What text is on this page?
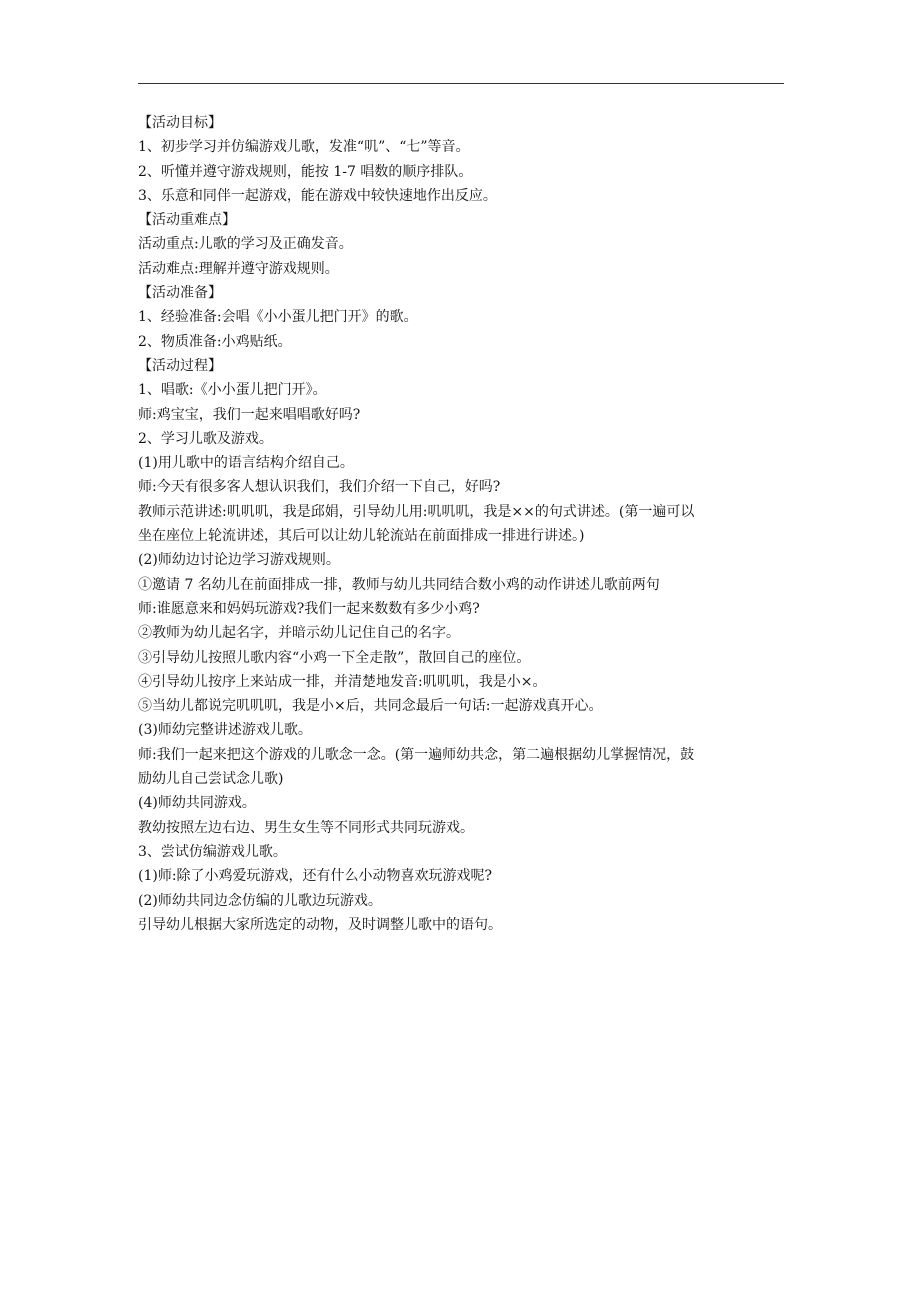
【活动目标】
1、初步学习并仿编游戏儿歌，发准“叽”、“七”等音。
2、听懂并遵守游戏规则，能按 1-7 唱数的顺序排队。
3、乐意和同伴一起游戏，能在游戏中较快速地作出反应。
【活动重难点】
活动重点:儿歌的学习及正确发音。
活动难点:理解并遵守游戏规则。
【活动准备】
1、经验准备:会唱《小小蛋儿把门开》的歌。
2、物质准备:小鸡贴纸。
【活动过程】
1、唱歌:《小小蛋儿把门开》。
师:鸡宝宝，我们一起来唱唱歌好吗?
2、学习儿歌及游戏。
(1)用儿歌中的语言结构介绍自己。
师:今天有很多客人想认识我们，我们介绍一下自己，好吗?
教师示范讲述:叽叽叽，我是邱娟，引导幼儿用:叽叽叽，我是××的句式讲述。(第一遍可以
坐在座位上轮流讲述，其后可以让幼儿轮流站在前面排成一排进行讲述。)
(2)师幼边讨论边学习游戏规则。
①邀请 7 名幼儿在前面排成一排，教师与幼儿共同结合数小鸡的动作讲述儿歌前两句
师:谁愿意来和妈妈玩游戏?我们一起来数数有多少小鸡?
②教师为幼儿起名字，并暗示幼儿记住自己的名字。
③引导幼儿按照儿歌内容“小鸡一下全走散”，散回自己的座位。
④引导幼儿按序上来站成一排，并清楚地发音:叽叽叽，我是小×。
⑤当幼儿都说完叽叽叽，我是小×后，共同念最后一句话:一起游戏真开心。
(3)师幼完整讲述游戏儿歌。
师:我们一起来把这个游戏的儿歌念一念。(第一遍师幼共念，第二遍根据幼儿掌握情况，鼓
励幼儿自己尝试念儿歌)
(4)师幼共同游戏。
教幼按照左边右边、男生女生等不同形式共同玩游戏。
3、尝试仿编游戏儿歌。
(1)师:除了小鸡爱玩游戏，还有什么小动物喜欢玩游戏呢?
(2)师幼共同边念仿编的儿歌边玩游戏。
引导幼儿根据大家所选定的动物，及时调整儿歌中的语句。
